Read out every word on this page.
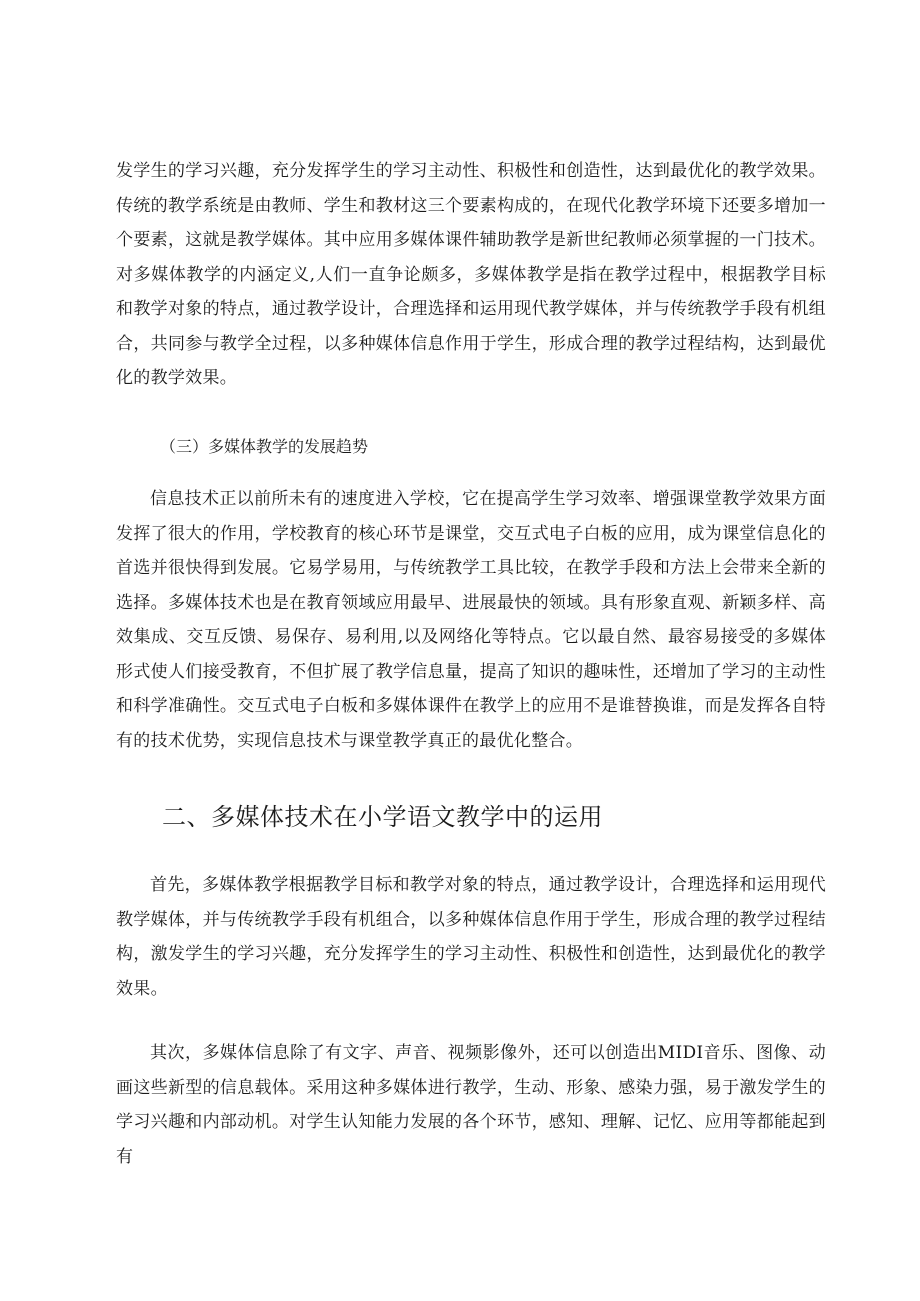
发学生的学习兴趣，充分发挥学生的学习主动性、积极性和创造性，达到最优化的教学效果。传统的教学系统是由教师、学生和教材这三个要素构成的，在现代化教学环境下还要多增加一个要素，这就是教学媒体。其中应用多媒体课件辅助教学是新世纪教师必须掌握的一门技术。对多媒体教学的内涵定义,人们一直争论颇多，多媒体教学是指在教学过程中，根据教学目标和教学对象的特点，通过教学设计，合理选择和运用现代教学媒体，并与传统教学手段有机组合，共同参与教学全过程，以多种媒体信息作用于学生，形成合理的教学过程结构，达到最优化的教学效果。

（三）多媒体教学的发展趋势

信息技术正以前所未有的速度进入学校，它在提高学生学习效率、增强课堂教学效果方面发挥了很大的作用，学校教育的核心环节是课堂，交互式电子白板的应用，成为课堂信息化的首选并很快得到发展。它易学易用，与传统教学工具比较，在教学手段和方法上会带来全新的选择。多媒体技术也是在教育领域应用最早、进展最快的领域。具有形象直观、新颖多样、高效集成、交互反馈、易保存、易利用,以及网络化等特点。它以最自然、最容易接受的多媒体形式使人们接受教育，不但扩展了教学信息量，提高了知识的趣味性，还增加了学习的主动性和科学准确性。交互式电子白板和多媒体课件在教学上的应用不是谁替换谁，而是发挥各自特有的技术优势，实现信息技术与课堂教学真正的最优化整合。

二、多媒体技术在小学语文教学中的运用

首先，多媒体教学根据教学目标和教学对象的特点，通过教学设计，合理选择和运用现代教学媒体，并与传统教学手段有机组合，以多种媒体信息作用于学生，形成合理的教学过程结构，激发学生的学习兴趣，充分发挥学生的学习主动性、积极性和创造性，达到最优化的教学效果。

其次，多媒体信息除了有文字、声音、视频影像外，还可以创造出MIDI音乐、图像、动画这些新型的信息载体。采用这种多媒体进行教学，生动、形象、感染力强，易于激发学生的学习兴趣和内部动机。对学生认知能力发展的各个环节，感知、理解、记忆、应用等都能起到有
